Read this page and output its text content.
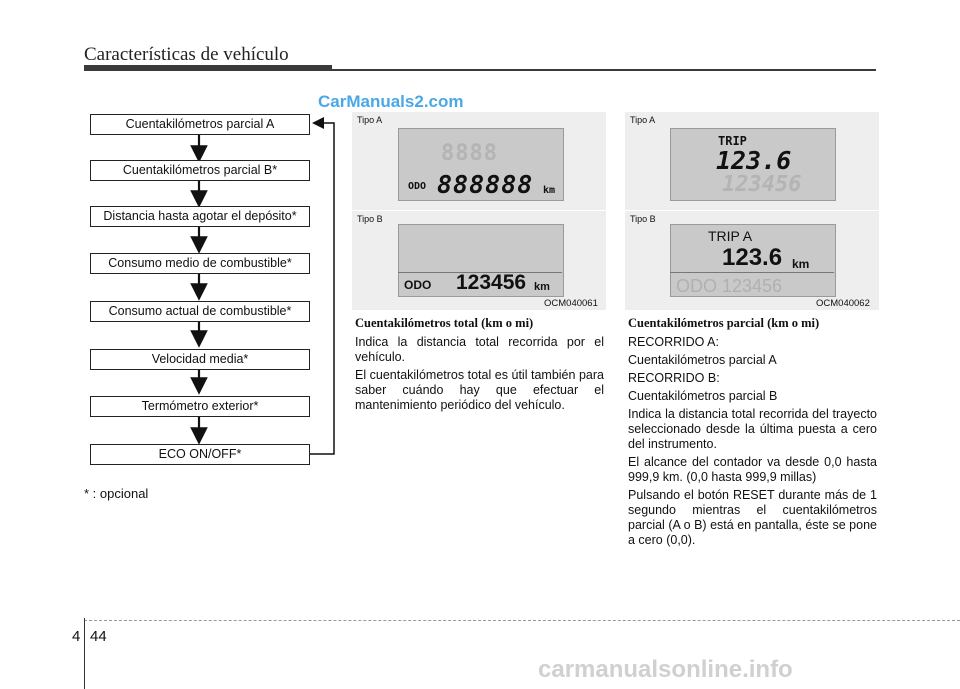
Características de vehículo
CarManuals2.com
Cuentakilómetros parcial A
Cuentakilómetros parcial B*
Distancia hasta agotar el depósito*
Consumo medio de combustible*
Consumo actual de combustible*
Velocidad media*
Termómetro exterior*
ECO ON/OFF*
* : opcional
Tipo A
Tipo B
8888
ODO 888888 km
ODO 123456 km
OCM040061
Tipo A
Tipo B
TRIP
123.6
123456
TRIP A
123.6 km
ODO 123456
OCM040062

Cuentakilómetros total (km o mi)

Indica la distancia total recorrida por el vehículo.

El cuentakilómetros total es útil también para saber cuándo hay que efectuar el mantenimiento periódico del vehículo.

Cuentakilómetros parcial (km o mi)

RECORRIDO A:

Cuentakilómetros parcial A

RECORRIDO B:

Cuentakilómetros parcial B

Indica la distancia total recorrida del trayecto seleccionado desde la última puesta a cero del instrumento.

El alcance del contador va desde 0,0 hasta 999,9 km. (0,0 hasta 999,9 millas)

Pulsando el botón RESET durante más de 1 segundo mientras el cuentakilómetros parcial (A o B) está en pantalla, éste se pone a cero (0,0).

4 44
carmanualsonline.info
